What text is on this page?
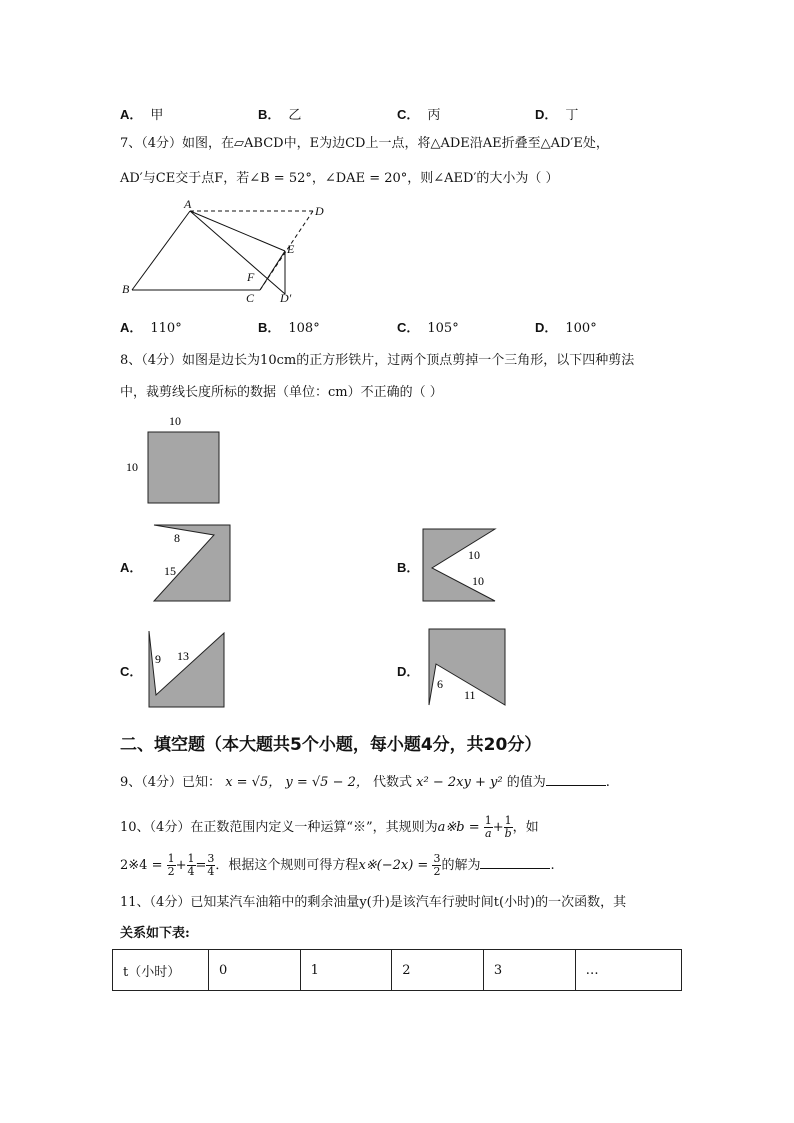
A． 甲	B． 乙	C． 丙	D． 丁
7、（4分）如图，在▱ABCD中，E为边CD上一点，将△ADE沿AE折叠至△AD′E处，
AD′与CE交于点F，若∠B = 52°，∠DAE = 20°，则∠AED′的大小为（ ）
A	D
E
F
B
C D′
A． 110°	B． 108°	C． 105°	D． 100°
8、（4分）如图是边长为10cm的正方形铁片，过两个顶点剪掉一个三角形，以下四种剪法
中，裁剪线长度所标的数据（单位：cm）不正确的（ ）
10
10
A．
8
15	B．
10
10
C．
9 13
D．
6
11
二、填空题（本大题共5个小题，每小题4分，共20分）
9、（4分）已知： x = √5， y = √5 − 2， 代数式 x² − 2xy + y² 的值为	.
10、（4分）在正数范围内定义一种运算“※”，其规则为a※b = $\frac{1}{a} + \frac{1}{b}$ ，如
2※4 = $\frac{1}{2} + \frac{1}{4} = \frac{3}{4}$ ．根据这个规则可得方程x※(−2x) = $\frac{3}{2}$ 的解为	.
11、（4分）已知某汽车油箱中的剩余油量y(升)是该汽车行驶时间t(小时)的一次函数，其
关系如下表:
t（小时）	0	1	2	3	…
